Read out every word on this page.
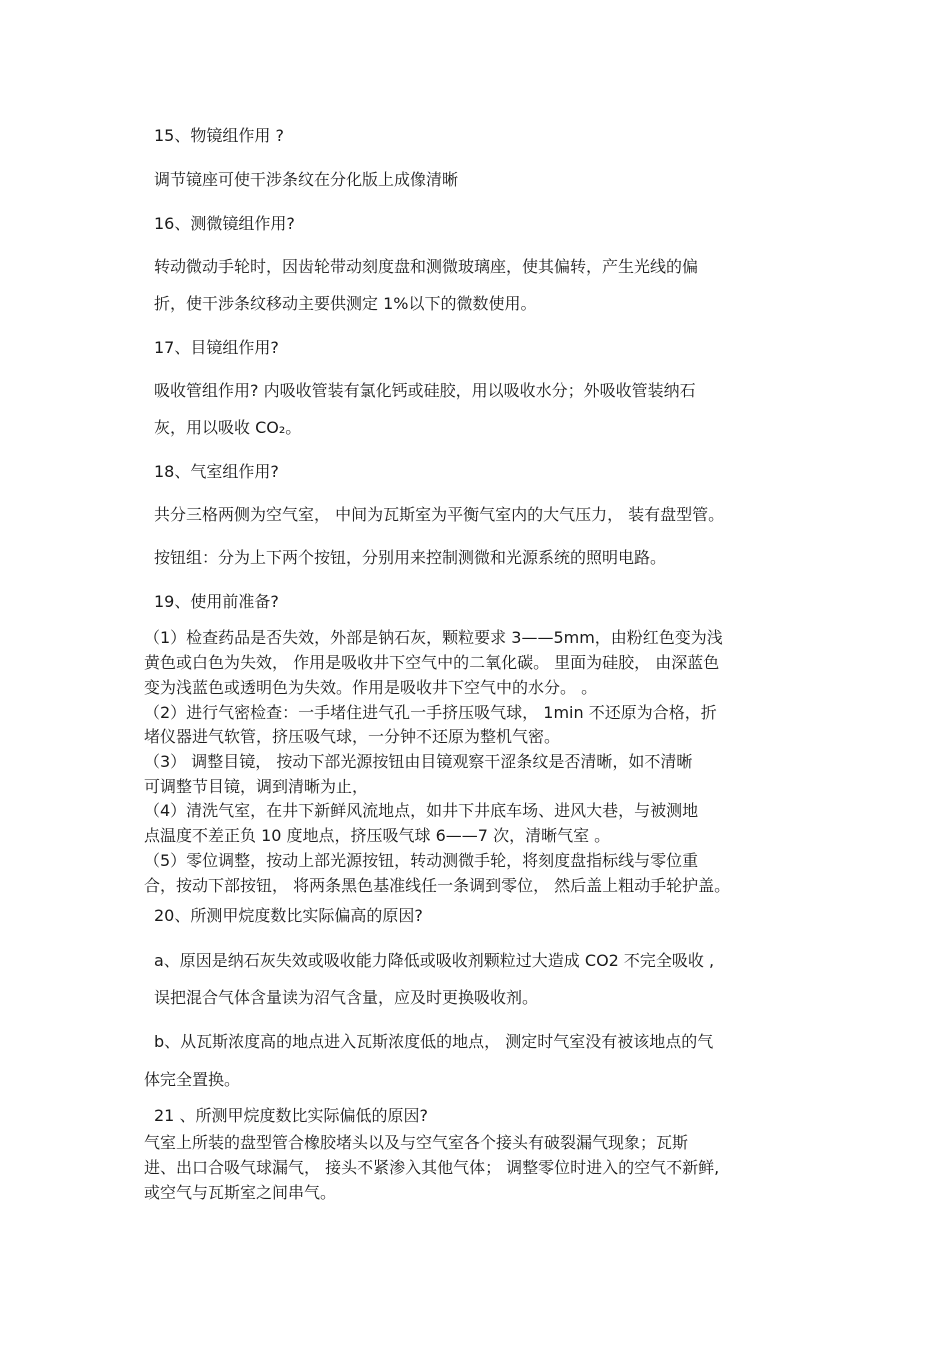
15、物镜组作用 ?
调节镜座可使干涉条纹在分化版上成像清晰
16、测微镜组作用?
转动微动手轮时，因齿轮带动刻度盘和测微玻璃座，使其偏转，产生光线的偏
折，使干涉条纹移动主要供测定 1%以下的微数使用。
17、目镜组作用?
吸收管组作用? 内吸收管装有氯化钙或硅胶，用以吸收水分；外吸收管装纳石
灰，用以吸收 CO₂。
18、气室组作用?
共分三格两侧为空气室， 中间为瓦斯室为平衡气室内的大气压力， 装有盘型管。
按钮组：分为上下两个按钮，分别用来控制测微和光源系统的照明电路。
19、使用前准备?
（1）检查药品是否失效，外部是钠石灰，颗粒要求 3——5mm，由粉红色变为浅
黄色或白色为失效， 作用是吸收井下空气中的二氧化碳。 里面为硅胶， 由深蓝色
变为浅蓝色或透明色为失效。作用是吸收井下空气中的水分。 。
（2）进行气密检查：一手堵住进气孔一手挤压吸气球， 1min 不还原为合格，折
堵仪器进气软管，挤压吸气球，一分钟不还原为整机气密。
（3） 调整目镜， 按动下部光源按钮由目镜观察干涩条纹是否清晰，如不清晰
可调整节目镜，调到清晰为止，
（4）清洗气室，在井下新鲜风流地点，如井下井底车场、进风大巷，与被测地
点温度不差正负 10 度地点，挤压吸气球 6——7 次，清晰气室 。
（5）零位调整，按动上部光源按钮，转动测微手轮，将刻度盘指标线与零位重
合，按动下部按钮， 将两条黑色基准线任一条调到零位， 然后盖上粗动手轮护盖。
20、所测甲烷度数比实际偏高的原因?
a、原因是纳石灰失效或吸收能力降低或吸收剂颗粒过大造成 CO2 不完全吸收 ,
误把混合气体含量读为沼气含量，应及时更换吸收剂。
b、从瓦斯浓度高的地点进入瓦斯浓度低的地点， 测定时气室没有被该地点的气
体完全置换。
21 、所测甲烷度数比实际偏低的原因?
气室上所装的盘型管合橡胶堵头以及与空气室各个接头有破裂漏气现象；瓦斯
进、出口合吸气球漏气， 接头不紧渗入其他气体； 调整零位时进入的空气不新鲜,
或空气与瓦斯室之间串气。
